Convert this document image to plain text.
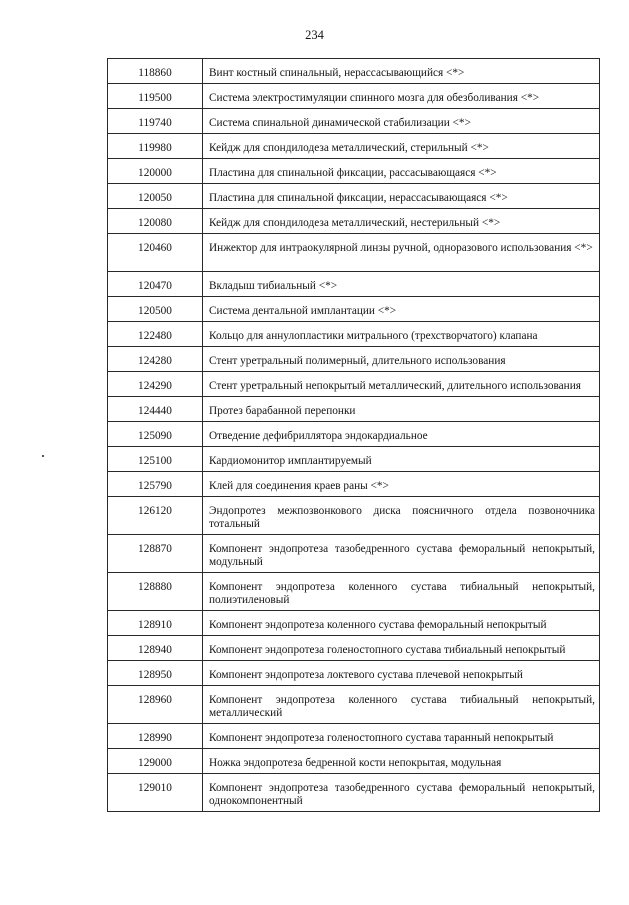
234
118860	Винт костный спинальный, нерассасывающийся <*>
119500	Система электростимуляции спинного мозга для обезболивания <*>
119740	Система спинальной динамической стабилизации <*>
119980	Кейдж для спондилодеза металлический, стерильный <*>
120000	Пластина для спинальной фиксации, рассасывающаяся <*>
120050	Пластина для спинальной фиксации, нерассасывающаяся <*>
120080	Кейдж для спондилодеза металлический, нестерильный <*>
120460	Инжектор для интраокулярной линзы ручной, одноразового использования <*>
120470	Вкладыш тибиальный <*>
120500	Система дентальной имплантации <*>
122480	Кольцо для аннулопластики митрального (трехстворчатого) клапана
124280	Стент уретральный полимерный, длительного использования
124290	Стент уретральный непокрытый металлический, длительного использования
124440	Протез барабанной перепонки
125090	Отведение дефибриллятора эндокардиальное
125100	Кардиомонитор имплантируемый
125790	Клей для соединения краев раны <*>
126120	Эндопротез межпозвонкового диска поясничного отдела позвоночника тотальный
128870	Компонент эндопротеза тазобедренного сустава феморальный непокрытый, модульный
128880	Компонент эндопротеза коленного сустава тибиальный непокрытый, полиэтиленовый
128910	Компонент эндопротеза коленного сустава феморальный непокрытый
128940	Компонент эндопротеза голеностопного сустава тибиальный непокрытый
128950	Компонент эндопротеза локтевого сустава плечевой непокрытый
128960	Компонент эндопротеза коленного сустава тибиальный непокрытый, металлический
128990	Компонент эндопротеза голеностопного сустава таранный непокрытый
129000	Ножка эндопротеза бедренной кости непокрытая, модульная
129010	Компонент эндопротеза тазобедренного сустава феморальный непокрытый, однокомпонентный
